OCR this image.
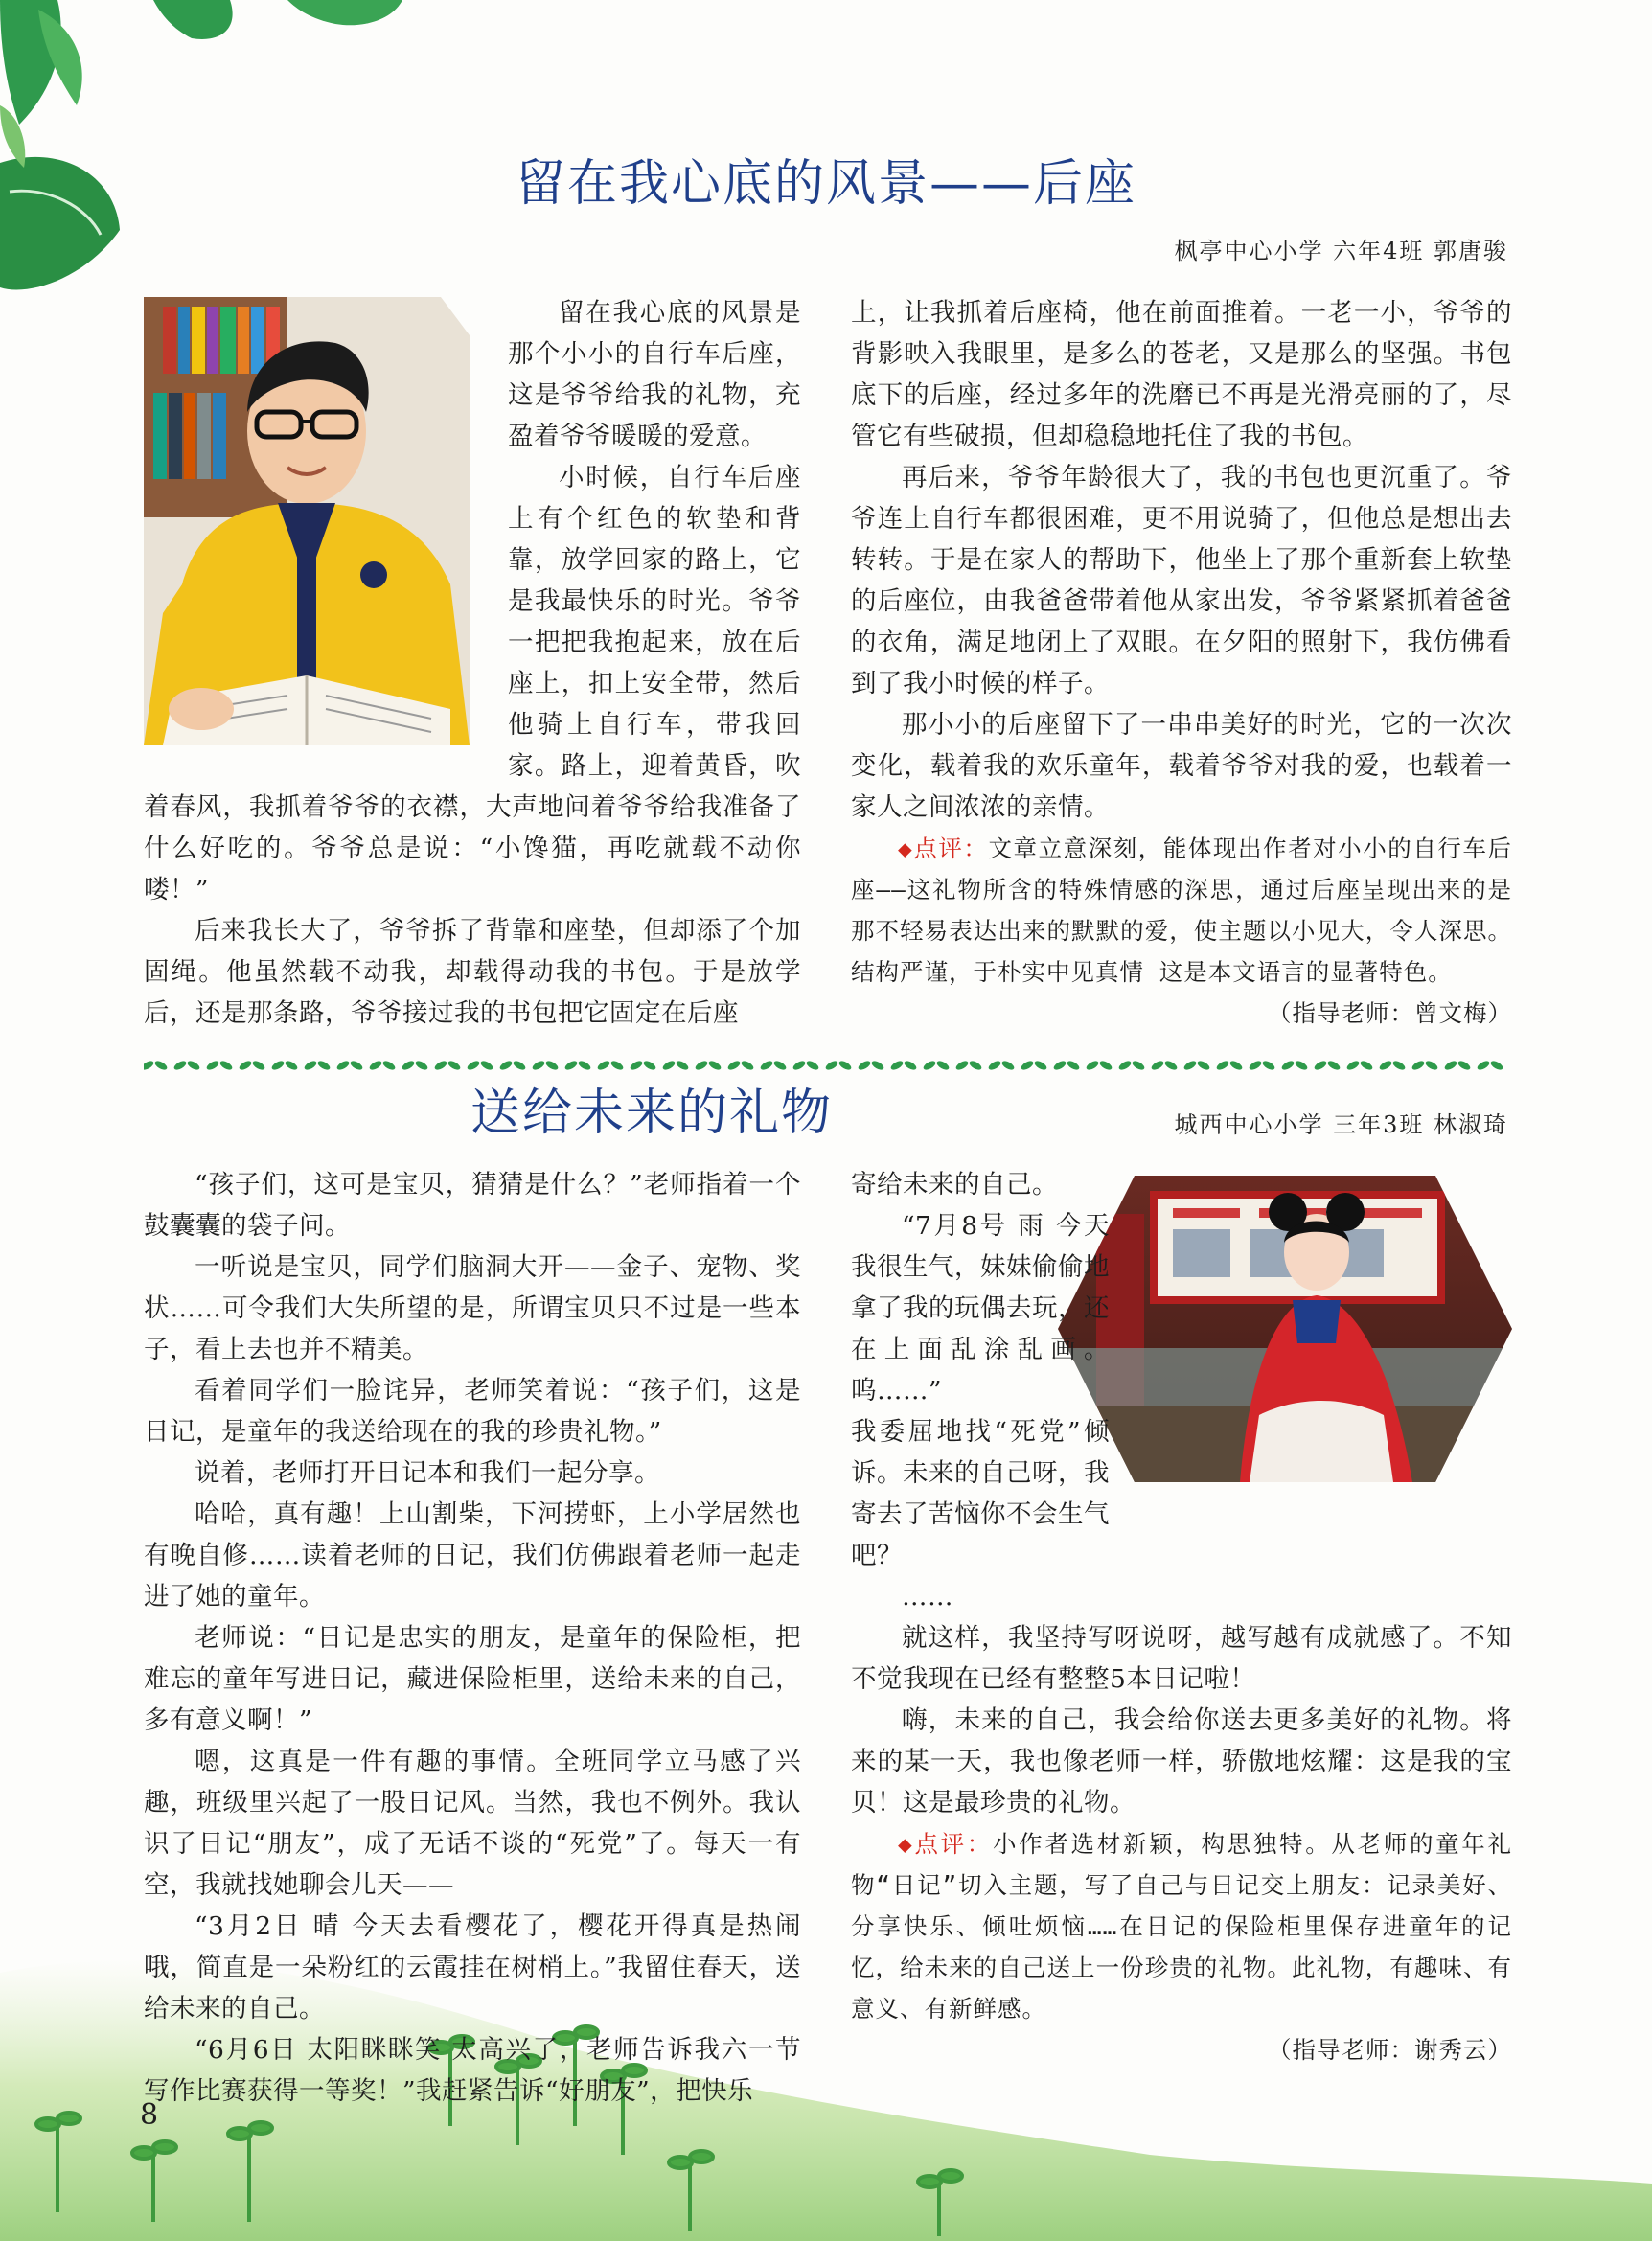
留在我心底的风景——后座
枫亭中心小学 六年4班 郭唐骏

留在我心底的风景是那个小小的自行车后座，这是爷爷给我的礼物，充盈着爷爷暖暖的爱意。

小时候，自行车后座上有个红色的软垫和背靠，放学回家的路上，它是我最快乐的时光。爷爷一把把我抱起来，放在后座上，扣上安全带，然后他骑上自行车，带我回家。路上，迎着黄昏，吹着春风，我抓着爷爷的衣襟，大声地问着爷爷给我准备了什么好吃的。爷爷总是说：“小馋猫，再吃就载不动你喽！”

后来我长大了，爷爷拆了背靠和座垫，但却添了个加固绳。他虽然载不动我，却载得动我的书包。于是放学后，还是那条路，爷爷接过我的书包把它固定在后座

上，让我抓着后座椅，他在前面推着。一老一小，爷爷的背影映入我眼里，是多么的苍老，又是那么的坚强。书包底下的后座，经过多年的洗磨已不再是光滑亮丽的了，尽管它有些破损，但却稳稳地托住了我的书包。

再后来，爷爷年龄很大了，我的书包也更沉重了。爷爷连上自行车都很困难，更不用说骑了，但他总是想出去转转。于是在家人的帮助下，他坐上了那个重新套上软垫的后座位，由我爸爸带着他从家出发，爷爷紧紧抓着爸爸的衣角，满足地闭上了双眼。在夕阳的照射下，我仿佛看到了我小时候的样子。

那小小的后座留下了一串串美好的时光，它的一次次变化，载着我的欢乐童年，载着爷爷对我的爱，也载着一家人之间浓浓的亲情。

◆点评：文章立意深刻，能体现出作者对小小的自行车后座——这礼物所含的特殊情感的深思，通过后座呈现出来的是那不轻易表达出来的默默的爱，使主题以小见大，令人深思。结构严谨，于朴实中见真情 这是本文语言的显著特色。

（指导老师：曾文梅）

送给未来的礼物	城西中心小学 三年3班 林淑琦

“孩子们，这可是宝贝，猜猜是什么？”老师指着一个鼓囊囊的袋子问。

一听说是宝贝，同学们脑洞大开——金子、宠物、奖状……可令我们大失所望的是，所谓宝贝只不过是一些本子，看上去也并不精美。

看着同学们一脸诧异，老师笑着说：“孩子们，这是日记，是童年的我送给现在的我的珍贵礼物。”

说着，老师打开日记本和我们一起分享。

哈哈，真有趣！上山割柴，下河捞虾，上小学居然也有晚自修……读着老师的日记，我们仿佛跟着老师一起走进了她的童年。

老师说：“日记是忠实的朋友，是童年的保险柜，把难忘的童年写进日记，藏进保险柜里，送给未来的自己，多有意义啊！”

嗯，这真是一件有趣的事情。全班同学立马感了兴趣，班级里兴起了一股日记风。当然，我也不例外。我认识了日记“朋友”，成了无话不谈的“死党”了。每天一有空，我就找她聊会儿天——

“3月2日 晴 今天去看樱花了，樱花开得真是热闹哦，简直是一朵粉红的云霞挂在树梢上。”我留住春天，送给未来的自己。

“6月6日 太阳眯眯笑 太高兴了，老师告诉我六一节写作比赛获得一等奖！”我赶紧告诉“好朋友”，把快乐

寄给未来的自己。

“7月8号 雨 今天我很生气，妹妹偷偷地拿了我的玩偶去玩，还在上面乱涂乱画。呜……”

我委屈地找“死党”倾诉。未来的自己呀，我寄去了苦恼你不会生气吧？

……

就这样，我坚持写呀说呀，越写越有成就感了。不知不觉我现在已经有整整5本日记啦！

嗨，未来的自己，我会给你送去更多美好的礼物。将来的某一天，我也像老师一样，骄傲地炫耀：这是我的宝贝！这是最珍贵的礼物。

◆点评：小作者选材新颖，构思独特。从老师的童年礼物“日记”切入主题，写了自己与日记交上朋友：记录美好、分享快乐、倾吐烦恼……在日记的保险柜里保存进童年的记忆，给未来的自己送上一份珍贵的礼物。此礼物，有趣味、有意义、有新鲜感。

（指导老师：谢秀云）

8
